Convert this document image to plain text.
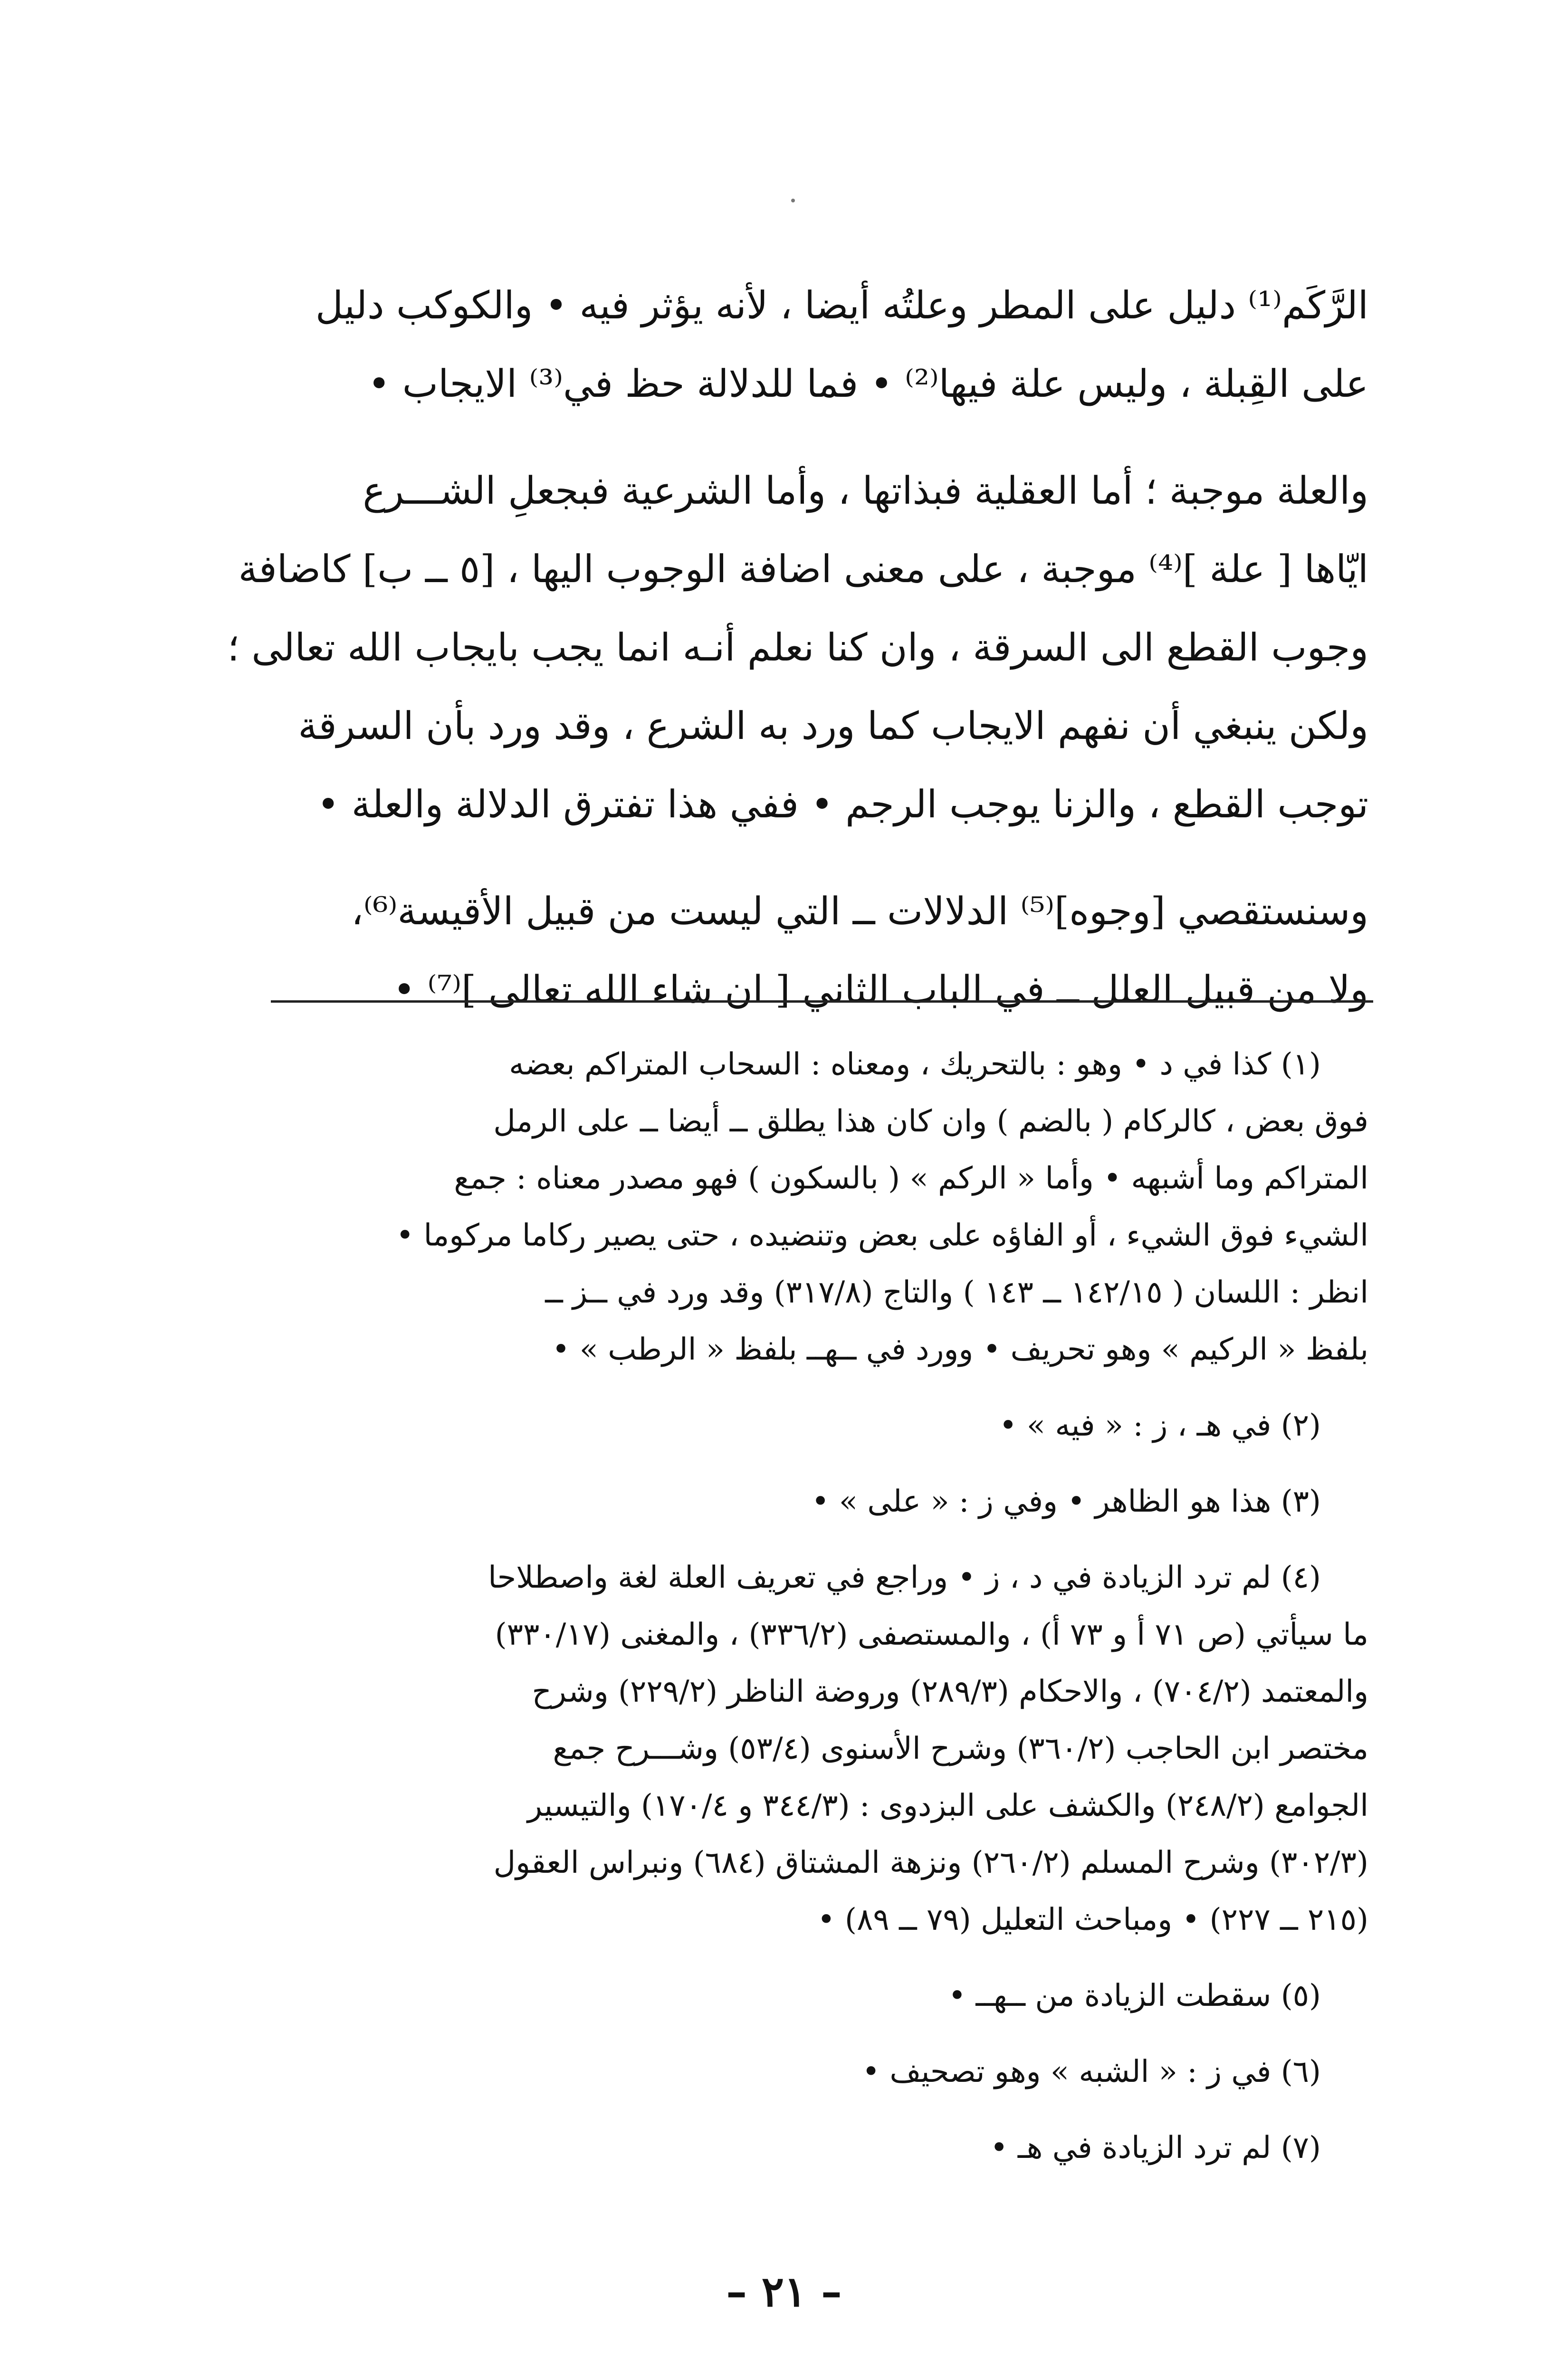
الرَّكَم⁽¹⁾ دليل على المطر وعلتُه أيضا ، لأنه يؤثر فيه • والكوكب دليل
على القِبلة ، وليس علة فيها⁽²⁾ • فما للدلالة حظ في⁽³⁾ الايجاب •

والعلة موجبة ؛ أما العقلية فبذاتها ، وأما الشرعية فبجعلِ الشـــرع
ايّاها [ علة ]⁽⁴⁾ موجبة ، على معنى اضافة الوجوب اليها ، [٥ ــ ب] كاضافة
وجوب القطع الى السرقة ، وان كنا نعلم أنـه انما يجب بايجاب الله تعالى ؛
ولكن ينبغي أن نفهم الايجاب كما ورد به الشرع ، وقد ورد بأن السرقة
توجب القطع ، والزنا يوجب الرجم • ففي هذا تفترق الدلالة والعلة •

وسنستقصي [وجوه]⁽⁵⁾ الدلالات ــ التي ليست من قبيل الأقيسة⁽⁶⁾،
ولا من قبيل العلل ــ في الباب الثاني [ ان شاء الله تعالى ]⁽⁷⁾ •

(١) كذا في د • وهو : بالتحريك ، ومعناه : السحاب المتراكم بعضه
فوق بعض ، كالركام ( بالضم ) وان كان هذا يطلق ــ أيضا ــ على الرمل
المتراكم وما أشبهه • وأما « الركم » ( بالسكون ) فهو مصدر معناه : جمع
الشيء فوق الشيء ، أو الفاؤه على بعض وتنضيده ، حتى يصير ركاما مركوما •
انظر : اللسان ( ١٤٢/١٥ ــ ١٤٣ ) والتاج (٣١٧/٨) وقد ورد في ــز ــ
بلفظ « الركيم » وهو تحريف • وورد في ــهــ بلفظ « الرطب » •
(٢) في هـ ، ز : « فيه » •
(٣) هذا هو الظاهر • وفي ز : « على » •
(٤) لم ترد الزيادة في د ، ز • وراجع في تعريف العلة لغة واصطلاحا
ما سيأتي (ص ٧١ أ و ٧٣ أ) ، والمستصفى (٣٣٦/٢) ، والمغنى (٣٣٠/١٧)
والمعتمد (٧٠٤/٢) ، والاحكام (٢٨٩/٣) وروضة الناظر (٢٢٩/٢) وشرح
مختصر ابن الحاجب (٣٦٠/٢) وشرح الأسنوى (٥٣/٤) وشـــرح جمع
الجوامع (٢٤٨/٢) والكشف على البزدوى : (٣٤٤/٣ و ١٧٠/٤) والتيسير
(٣٠٢/٣) وشرح المسلم (٢٦٠/٢) ونزهة المشتاق (٦٨٤) ونبراس العقول
(٢١٥ ــ ٢٢٧) • ومباحث التعليل (٧٩ ــ ٨٩) •
(٥) سقطت الزيادة من ــهــ •
(٦) في ز : « الشبه » وهو تصحيف •
(٧) لم ترد الزيادة في هـ •
– ٢١ –
